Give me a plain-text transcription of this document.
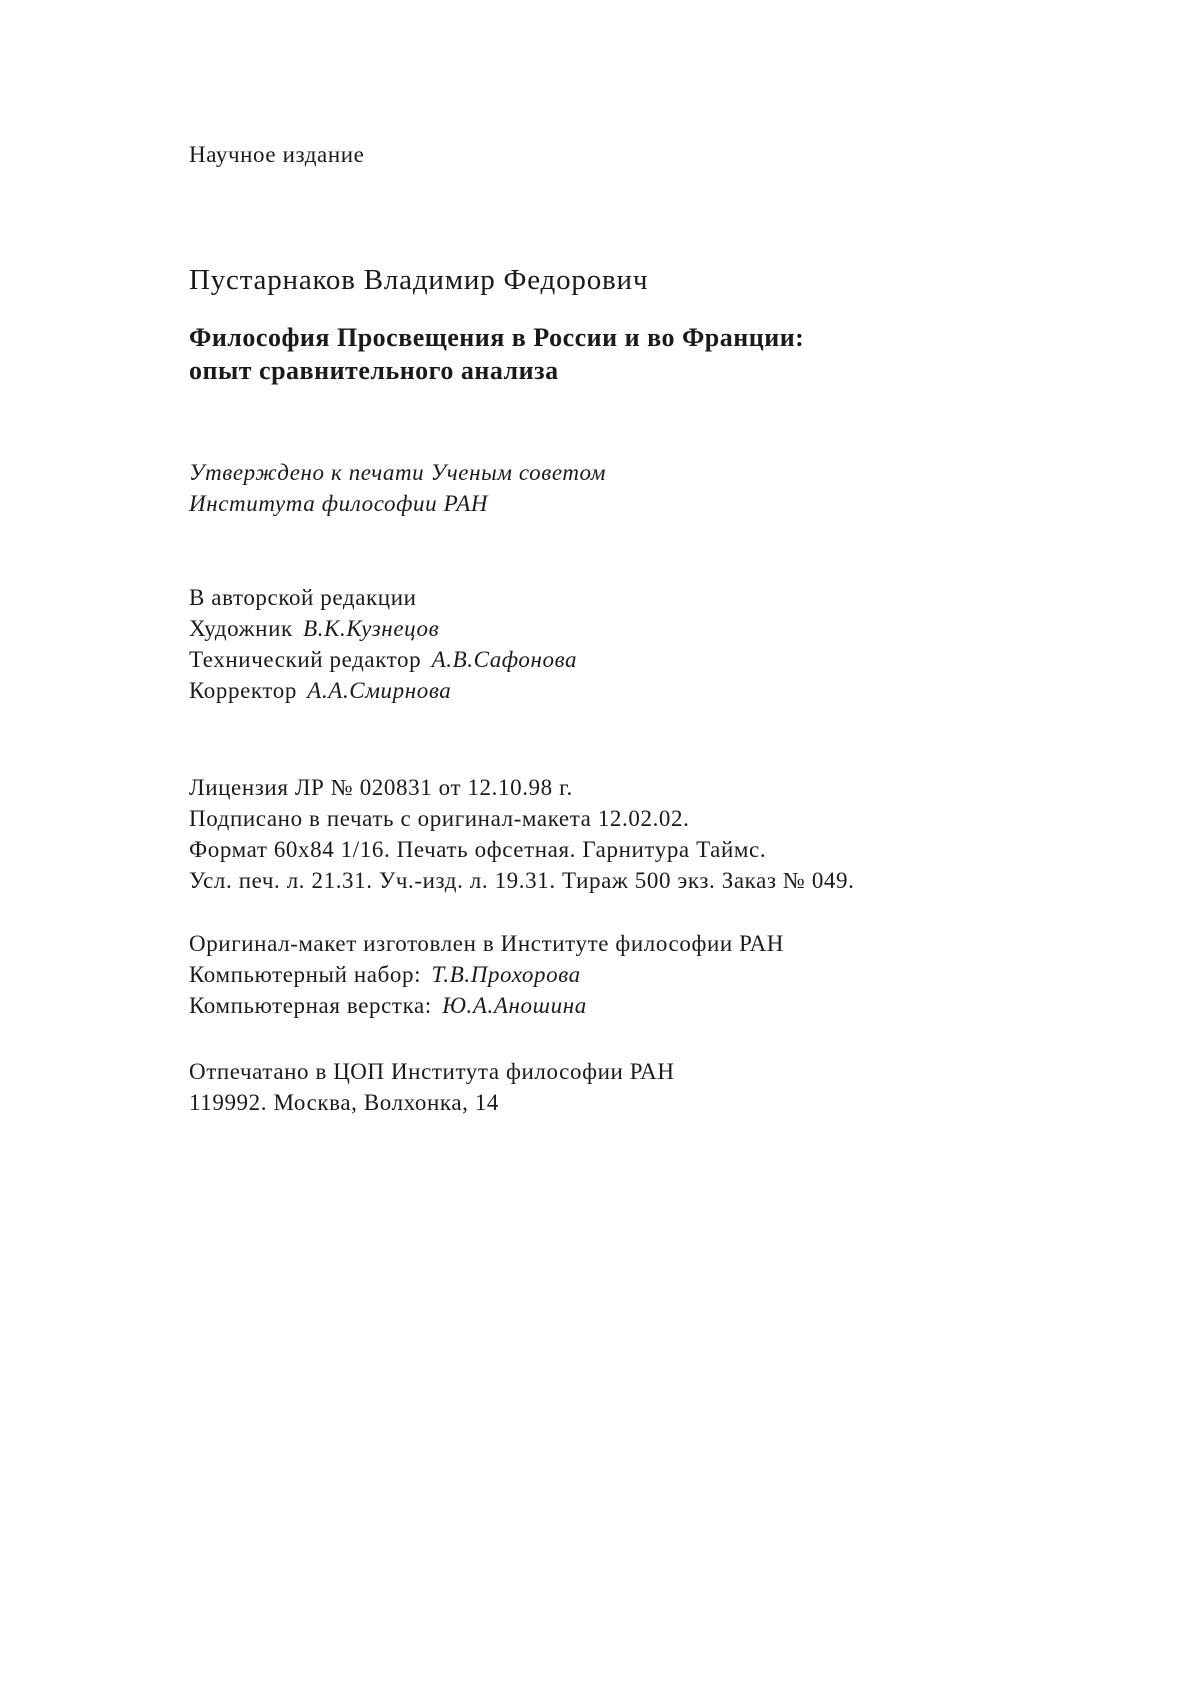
Научное издание
Пустарнаков Владимир Федорович
Философия Просвещения в России и во Франции:
опыт сравнительного анализа
Утверждено к печати Ученым советом
Института философии РАН
В авторской редакции
Художник В.К.Кузнецов
Технический редактор А.В.Сафонова
Корректор А.А.Смирнова
Лицензия ЛР № 020831 от 12.10.98 г.
Подписано в печать с оригинал-макета 12.02.02.
Формат 60x84 1/16. Печать офсетная. Гарнитура Таймс.
Усл. печ. л. 21.31. Уч.-изд. л. 19.31. Тираж 500 экз. Заказ № 049.
Оригинал-макет изготовлен в Институте философии РАН
Компьютерный набор: Т.В.Прохорова
Компьютерная верстка: Ю.А.Аношина
Отпечатано в ЦОП Института философии РАН
119992. Москва, Волхонка, 14
